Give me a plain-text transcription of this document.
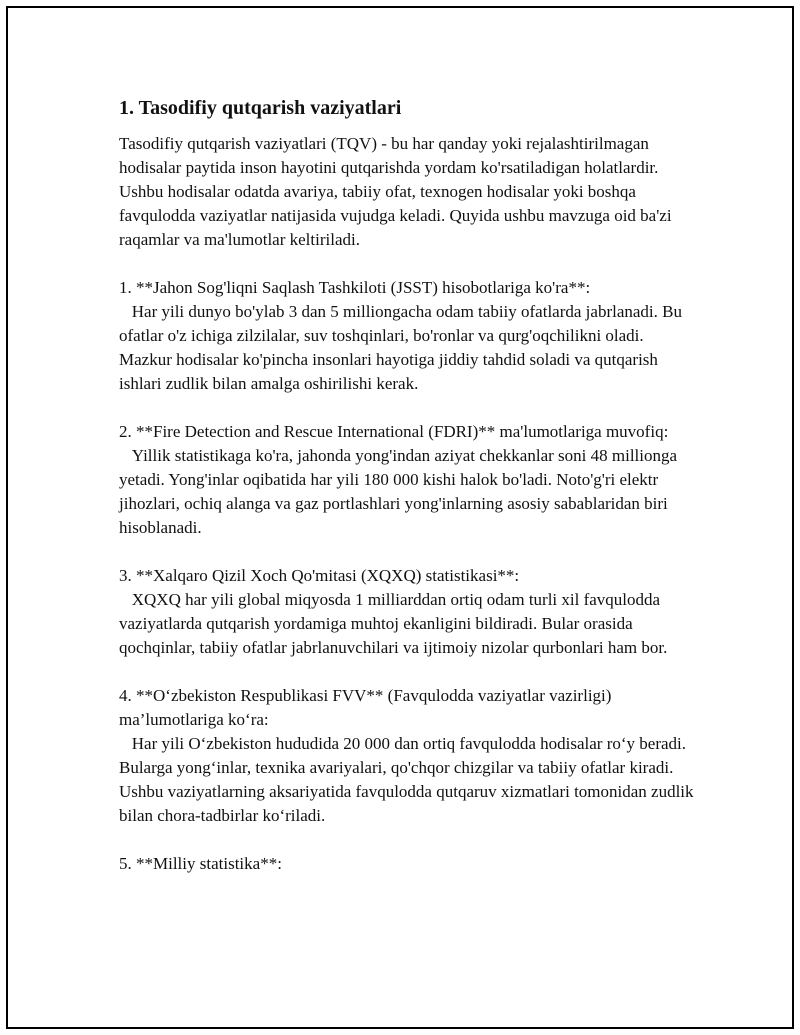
1. Tasodifiy qutqarish vaziyatlari

Tasodifiy qutqarish vaziyatlari (TQV) - bu har qanday yoki rejalashtirilmagan hodisalar paytida inson hayotini qutqarishda yordam ko'rsatiladigan holatlardir. Ushbu hodisalar odatda avariya, tabiiy ofat, texnogen hodisalar yoki boshqa favqulodda vaziyatlar natijasida vujudga keladi. Quyida ushbu mavzuga oid ba'zi raqamlar va ma'lumotlar keltiriladi.

1. **Jahon Sog'liqni Saqlash Tashkiloti (JSST) hisobotlariga ko'ra**:

Har yili dunyo bo'ylab 3 dan 5 milliongacha odam tabiiy ofatlarda jabrlanadi. Bu ofatlar o'z ichiga zilzilalar, suv toshqinlari, bo'ronlar va qurg'oqchilikni oladi. Mazkur hodisalar ko'pincha insonlari hayotiga jiddiy tahdid soladi va qutqarish ishlari zudlik bilan amalga oshirilishi kerak.

2. **Fire Detection and Rescue International (FDRI)** ma'lumotlariga muvofiq:

Yillik statistikaga ko'ra, jahonda yong'indan aziyat chekkanlar soni 48 millionga yetadi. Yong'inlar oqibatida har yili 180 000 kishi halok bo'ladi. Noto'g'ri elektr jihozlari, ochiq alanga va gaz portlashlari yong'inlarning asosiy sabablaridan biri hisoblanadi.

3. **Xalqaro Qizil Xoch Qo'mitasi (XQXQ) statistikasi**:

XQXQ har yili global miqyosda 1 milliarddan ortiq odam turli xil favqulodda vaziyatlarda qutqarish yordamiga muhtoj ekanligini bildiradi. Bular orasida qochqinlar, tabiiy ofatlar jabrlanuvchilari va ijtimoiy nizolar qurbonlari ham bor.

4. **O‘zbekiston Respublikasi FVV** (Favqulodda vaziyatlar vazirligi) ma’lumotlariga ko‘ra:

Har yili O‘zbekiston hududida 20 000 dan ortiq favqulodda hodisalar ro‘y beradi. Bularga yong‘inlar, texnika avariyalari, qo'chqor chizgilar va tabiiy ofatlar kiradi. Ushbu vaziyatlarning aksariyatida favqulodda qutqaruv xizmatlari tomonidan zudlik bilan chora-tadbirlar ko‘riladi.

5. **Milliy statistika**:
